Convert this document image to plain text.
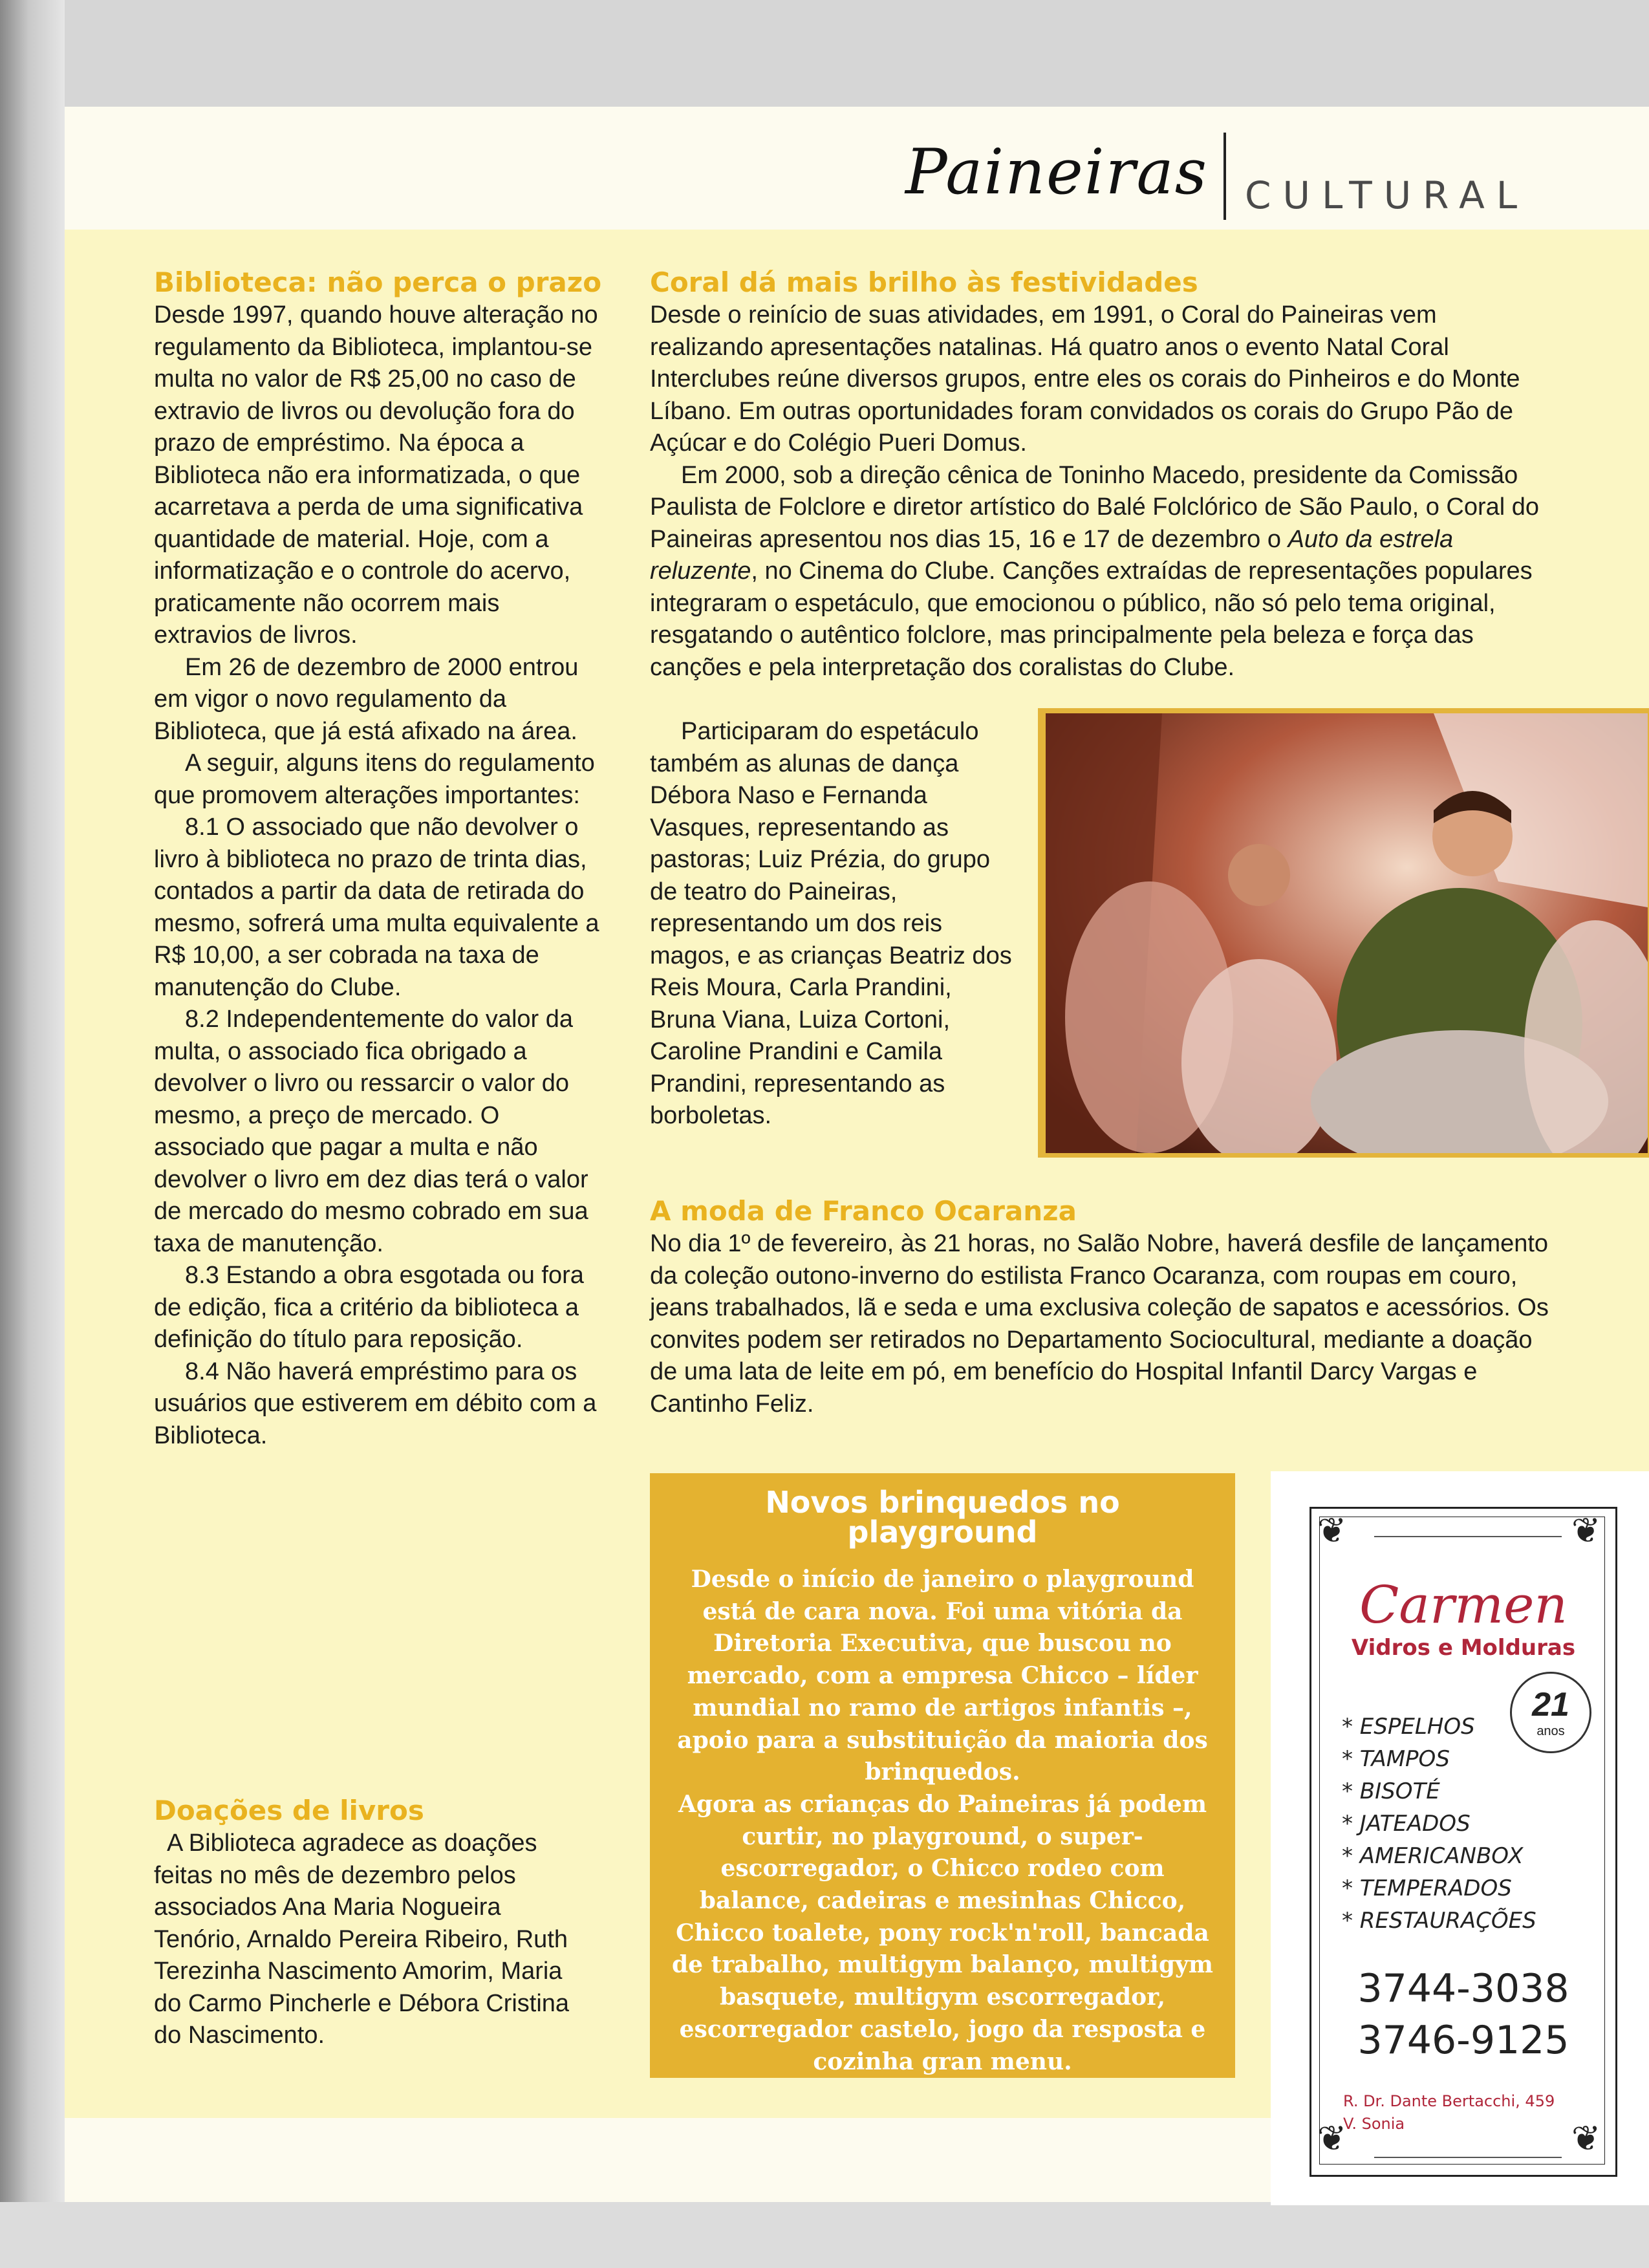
Paineiras CULTURAL
Biblioteca: não perca o prazo

Desde 1997, quando houve alteração no regulamento da Biblioteca, implantou-se multa no valor de R$ 25,00 no caso de extravio de livros ou devolução fora do prazo de empréstimo. Na época a Biblioteca não era informatizada, o que acarretava a perda de uma significativa quantidade de material. Hoje, com a informatização e o controle do acervo, praticamente não ocorrem mais extravios de livros.

Em 26 de dezembro de 2000 entrou em vigor o novo regulamento da Biblioteca, que já está afixado na área.

A seguir, alguns itens do regulamento que promovem alterações importantes:

8.1 O associado que não devolver o livro à biblioteca no prazo de trinta dias, contados a partir da data de retirada do mesmo, sofrerá uma multa equivalente a R$ 10,00, a ser cobrada na taxa de manutenção do Clube.

8.2 Independentemente do valor da multa, o associado fica obrigado a devolver o livro ou ressarcir o valor do mesmo, a preço de mercado. O associado que pagar a multa e não devolver o livro em dez dias terá o valor de mercado do mesmo cobrado em sua taxa de manutenção.

8.3 Estando a obra esgotada ou fora de edição, fica a critério da biblioteca a definição do título para reposição.

8.4 Não haverá empréstimo para os usuários que estiverem em débito com a Biblioteca.

Doações de livros

A Biblioteca agradece as doações feitas no mês de dezembro pelos associados Ana Maria Nogueira Tenório, Arnaldo Pereira Ribeiro, Ruth Terezinha Nascimento Amorim, Maria do Carmo Pincherle e Débora Cristina do Nascimento.

Coral dá mais brilho às festividades

Desde o reinício de suas atividades, em 1991, o Coral do Paineiras vem realizando apresentações natalinas. Há quatro anos o evento Natal Coral Interclubes reúne diversos grupos, entre eles os corais do Pinheiros e do Monte Líbano. Em outras oportunidades foram convidados os corais do Grupo Pão de Açúcar e do Colégio Pueri Domus.

Em 2000, sob a direção cênica de Toninho Macedo, presidente da Comissão Paulista de Folclore e diretor artístico do Balé Folclórico de São Paulo, o Coral do Paineiras apresentou nos dias 15, 16 e 17 de dezembro o Auto da estrela reluzente, no Cinema do Clube. Canções extraídas de representações populares integraram o espetáculo, que emocionou o público, não só pelo tema original, resgatando o autêntico folclore, mas principalmente pela beleza e força das canções e pela interpretação dos coralistas do Clube.

Participaram do espetáculo também as alunas de dança Débora Naso e Fernanda Vasques, representando as pastoras; Luiz Prézia, do grupo de teatro do Paineiras, representando um dos reis magos, e as crianças Beatriz dos Reis Moura, Carla Prandini, Bruna Viana, Luiza Cortoni, Caroline Prandini e Camila Prandini, representando as borboletas.

A moda de Franco Ocaranza

No dia 1º de fevereiro, às 21 horas, no Salão Nobre, haverá desfile de lançamento da coleção outono-inverno do estilista Franco Ocaranza, com roupas em couro, jeans trabalhados, lã e seda e uma exclusiva coleção de sapatos e acessórios. Os convites podem ser retirados no Departamento Sociocultural, mediante a doação de uma lata de leite em pó, em benefício do Hospital Infantil Darcy Vargas e Cantinho Feliz.

Novos brinquedos no
playground
Desde o início de janeiro o playground está de cara nova. Foi uma vitória da Diretoria Executiva, que buscou no mercado, com a empresa Chicco – líder mundial no ramo de artigos infantis –, apoio para a substituição da maioria dos brinquedos.
Agora as crianças do Paineiras já podem curtir, no playground, o super-escorregador, o Chicco rodeo com balance, cadeiras e mesinhas Chicco, Chicco toalete, pony rock'n'roll, bancada de trabalho, multigym balanço, multigym basquete, multigym escorregador, escorregador castelo, jogo da resposta e cozinha gran menu.
❦	❦
❦	❦
Carmen
Vidros e Molduras
21
anos
* ESPELHOS
* TAMPOS
* BISOTÉ
* JATEADOS
* AMERICANBOX
* TEMPERADOS
* RESTAURAÇÕES
3744-3038
3746-9125
R. Dr. Dante Bertacchi, 459
V. Sonia
